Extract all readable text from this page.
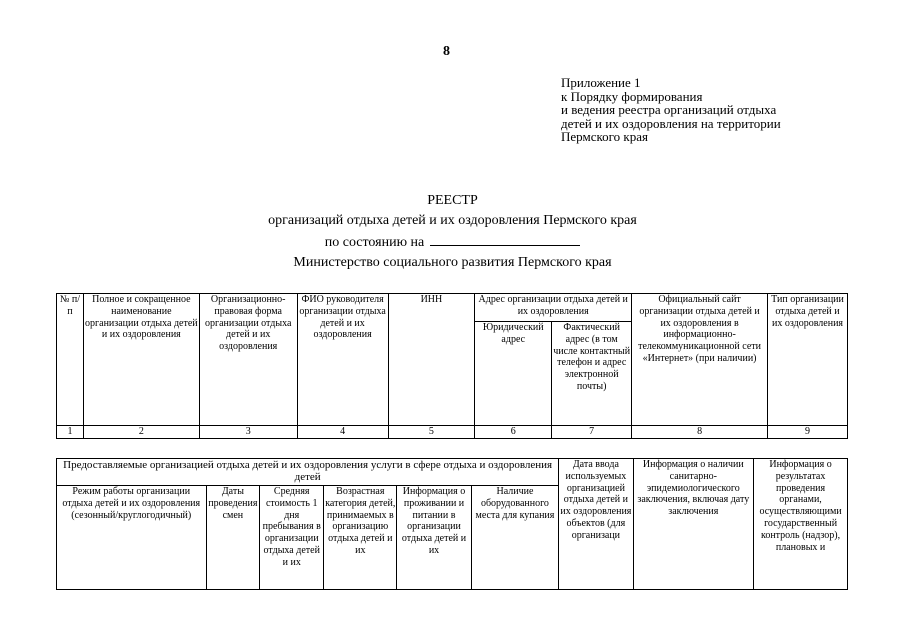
8
Приложение 1
к Порядку формирования
и ведения реестра организаций отдыха
детей и их оздоровления на территории
Пермского края
РЕЕСТР
организаций отдыха детей и их оздоровления Пермского края
по состоянию на
Министерство социального развития Пермского края
№ п/п	Полное и сокращенное наименование организации отдыха детей и их оздоровления	Организационно-правовая форма организации отдыха детей и их оздоровления	ФИО руководителя организации отдыха детей и их оздоровления	ИНН	Адрес организации отдыха детей и их оздоровления		Официальный сайт организации отдыха детей и их оздоровления в информационно-телекоммуникационной сети «Интернет» (при наличии)	Тип организации отдыха детей и их оздоровления
					Юридический адрес	Фактический адрес (в том числе контактный телефон и адрес электронной почты)		
1	2	3	4	5	6	7	8	9
Предоставляемые организацией отдыха детей и их оздоровления услуги в сфере отдыха и оздоровления детей						Дата ввода используемых организацией отдыха детей и их оздоровления объектов (для организаци	Информация о наличии санитарно-эпидемиологического заключения, включая дату заключения	Информация о результатах проведения органами, осуществляющими государственный контроль (надзор), плановых и
Режим работы организации отдыха детей и их оздоровления (сезонный/круглогодичный)	Даты проведения смен	Средняя стоимость 1 дня пребывания в организации отдыха детей и их	Возрастная категория детей, принимаемых в организацию отдыха детей и их	Информация о проживании и питании в организации отдыха детей и их	Наличие оборудованного места для купания			
